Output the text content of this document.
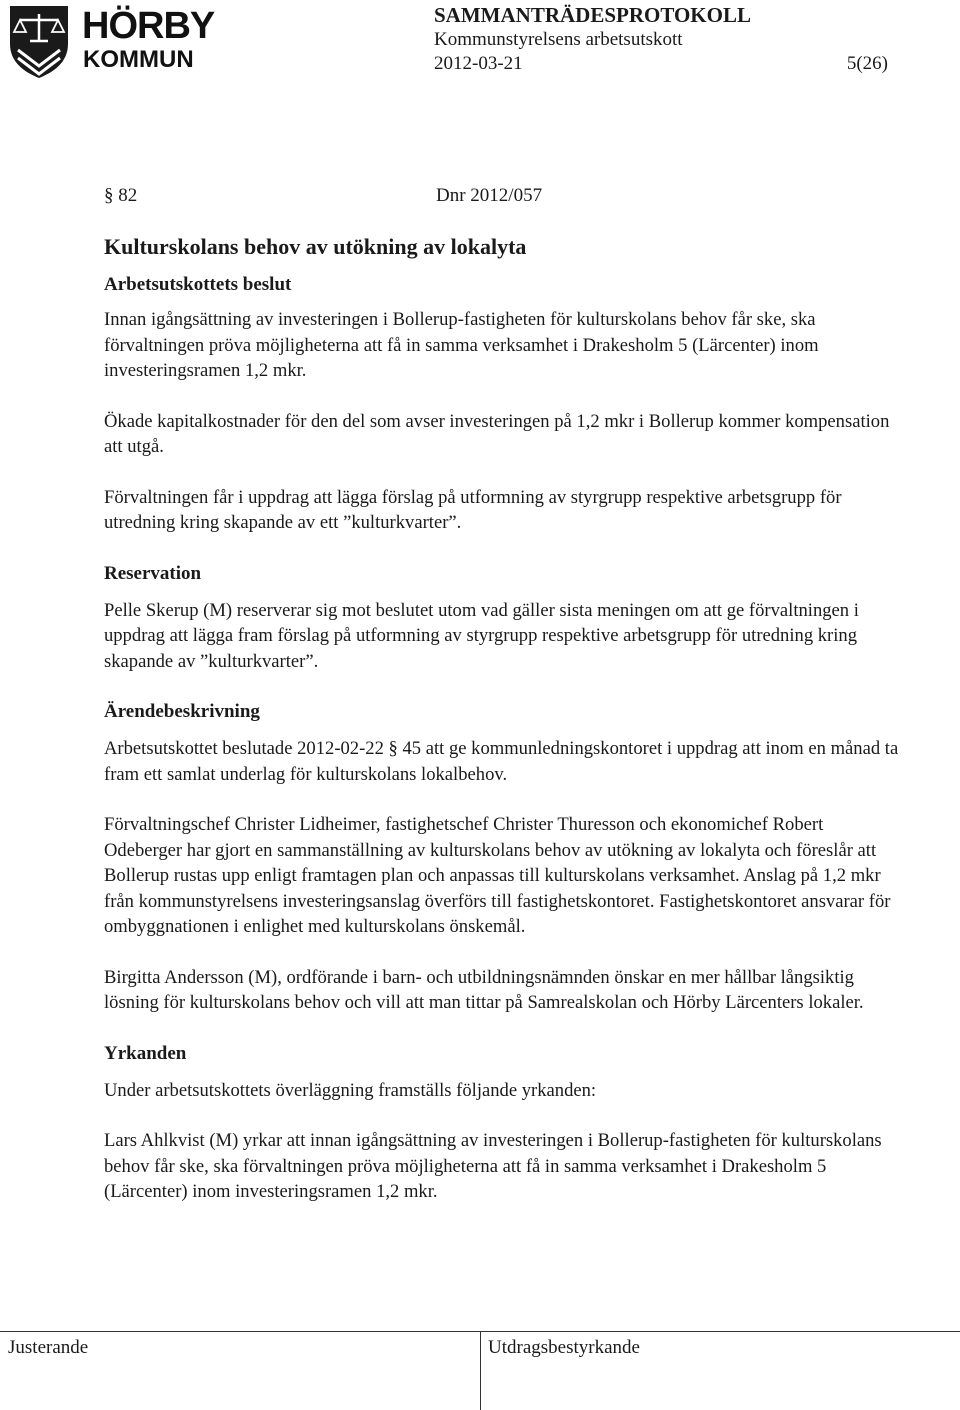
HÖRBY
KOMMUN
SAMMANTRÄDESPROTOKOLL
Kommunstyrelsens arbetsutskott
2012-03-21	5(26)
§ 82	Dnr 2012/057
Kulturskolans behov av utökning av lokalyta
Arbetsutskottets beslut

Innan igångsättning av investeringen i Bollerup-fastigheten för kulturskolans behov får ske, ska förvaltningen pröva möjligheterna att få in samma verksamhet i Drakesholm 5 (Lärcenter) inom investeringsramen 1,2 mkr.

Ökade kapitalkostnader för den del som avser investeringen på 1,2 mkr i Bollerup kommer kompensation att utgå.

Förvaltningen får i uppdrag att lägga förslag på utformning av styrgrupp respektive arbetsgrupp för utredning kring skapande av ett ”kulturkvarter”.

Reservation

Pelle Skerup (M) reserverar sig mot beslutet utom vad gäller sista meningen om att ge förvaltningen i uppdrag att lägga fram förslag på utformning av styrgrupp respektive arbetsgrupp för utredning kring skapande av ”kulturkvarter”.

Ärendebeskrivning

Arbetsutskottet beslutade 2012-02-22 § 45 att ge kommunledningskontoret i uppdrag att inom en månad ta fram ett samlat underlag för kulturskolans lokalbehov.

Förvaltningschef Christer Lidheimer, fastighetschef Christer Thuresson och ekonomichef Robert Odeberger har gjort en sammanställning av kulturskolans behov av utökning av lokalyta och föreslår att Bollerup rustas upp enligt framtagen plan och anpassas till kulturskolans verksamhet. Anslag på 1,2 mkr från kommunstyrelsens investeringsanslag överförs till fastighetskontoret. Fastighetskontoret ansvarar för ombyggnationen i enlighet med kulturskolans önskemål.

Birgitta Andersson (M), ordförande i barn- och utbildningsnämnden önskar en mer hållbar långsiktig lösning för kulturskolans behov och vill att man tittar på Samrealskolan och Hörby Lärcenters lokaler.

Yrkanden

Under arbetsutskottets överläggning framställs följande yrkanden:

Lars Ahlkvist (M) yrkar att innan igångsättning av investeringen i Bollerup-fastigheten för kulturskolans behov får ske, ska förvaltningen pröva möjligheterna att få in samma verksamhet i Drakesholm 5 (Lärcenter) inom investeringsramen 1,2 mkr.

Justerande	Utdragsbestyrkande
